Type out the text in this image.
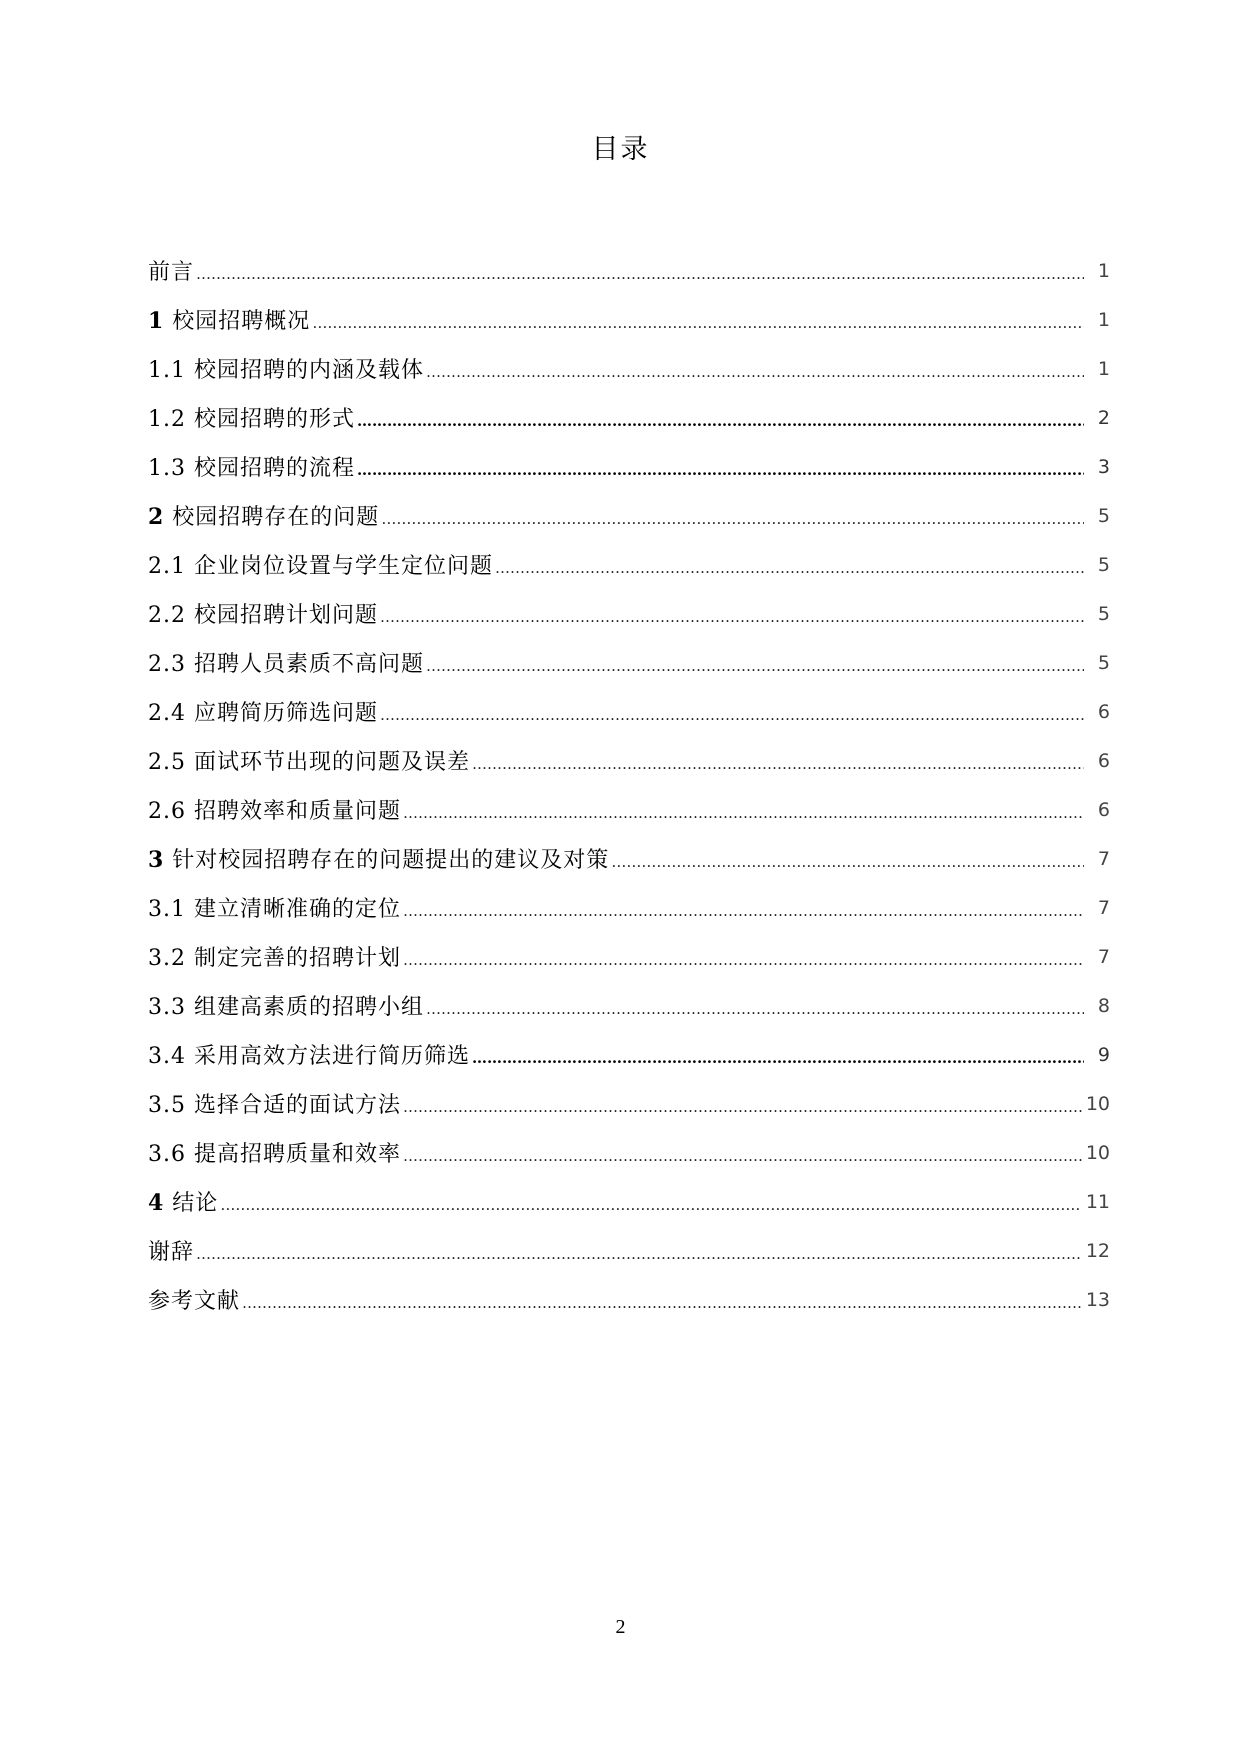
目录
前言 ………………………………………………………………………………………………………………………………………………………………………………………………………………	1
1 校园招聘概况 ………………………………………………………………………………………………………………………………………………………………………………………………………………	1
1.1 校园招聘的内涵及载体 ………………………………………………………………………………………………………………………………………………………………………………………………………………	1
1.2 校园招聘的形式 ………………………………………………………………………………………………………………………………………………………………………………………………………………	2
1.3 校园招聘的流程 ………………………………………………………………………………………………………………………………………………………………………………………………………………	3
2 校园招聘存在的问题 ………………………………………………………………………………………………………………………………………………………………………………………………………………	5
2.1 企业岗位设置与学生定位问题 ………………………………………………………………………………………………………………………………………………………………………………………………………………	5
2.2 校园招聘计划问题 ………………………………………………………………………………………………………………………………………………………………………………………………………………	5
2.3 招聘人员素质不高问题 ………………………………………………………………………………………………………………………………………………………………………………………………………………	5
2.4 应聘简历筛选问题 ………………………………………………………………………………………………………………………………………………………………………………………………………………	6
2.5 面试环节出现的问题及误差 ………………………………………………………………………………………………………………………………………………………………………………………………………………	6
2.6 招聘效率和质量问题 ………………………………………………………………………………………………………………………………………………………………………………………………………………	6
3 针对校园招聘存在的问题提出的建议及对策 ………………………………………………………………………………………………………………………………………………………………………………………………………………	7
3.1 建立清晰准确的定位 ………………………………………………………………………………………………………………………………………………………………………………………………………………	7
3.2 制定完善的招聘计划 ………………………………………………………………………………………………………………………………………………………………………………………………………………	7
3.3 组建高素质的招聘小组 ………………………………………………………………………………………………………………………………………………………………………………………………………………	8
3.4 采用高效方法进行简历筛选 ………………………………………………………………………………………………………………………………………………………………………………………………………………	9
3.5 选择合适的面试方法 ………………………………………………………………………………………………………………………………………………………………………………………………………………	10
3.6 提高招聘质量和效率 ………………………………………………………………………………………………………………………………………………………………………………………………………………	10
4 结论 ………………………………………………………………………………………………………………………………………………………………………………………………………………	11
谢辞 ………………………………………………………………………………………………………………………………………………………………………………………………………………	12
参考文献 ………………………………………………………………………………………………………………………………………………………………………………………………………………	13
2
